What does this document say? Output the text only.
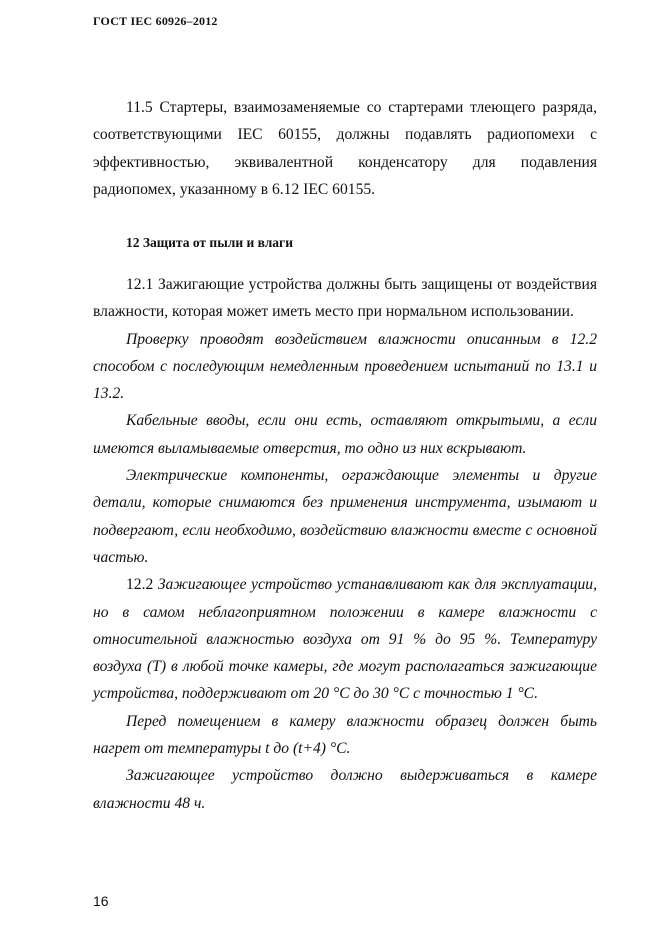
ГОСТ IEC 60926–2012

11.5 Стартеры, взаимозаменяемые со стартерами тлеющего разряда, соответствующими IEC 60155, должны подавлять радиопомехи с эффективностью, эквивалентной конденсатору для подавления радиопомех, указанному в 6.12 IEC 60155.

12 Защита от пыли и влаги

12.1 Зажигающие устройства должны быть защищены от воздействия влажности, которая может иметь место при нормальном использовании.

Проверку проводят воздействием влажности описанным в 12.2 способом с последующим немедленным проведением испытаний по 13.1 и 13.2.

Кабельные вводы, если они есть, оставляют открытыми, а если имеются выламываемые отверстия, то одно из них вскрывают.

Электрические компоненты, ограждающие элементы и другие детали, которые снимаются без применения инструмента, изымают и подвергают, если необходимо, воздействию влажности вместе с основной частью.

12.2 Зажигающее устройство устанавливают как для эксплуатации, но в самом неблагоприятном положении в камере влажности с относительной влажностью воздуха от 91 % до 95 %. Температуру воздуха (Т) в любой точке камеры, где могут располагаться зажигающие устройства, поддерживают от 20 °С до 30 °С с точностью 1 °С.

Перед помещением в камеру влажности образец должен быть нагрет от температуры t до (t+4) °С.

Зажигающее устройство должно выдерживаться в камере влажности 48 ч.

16
